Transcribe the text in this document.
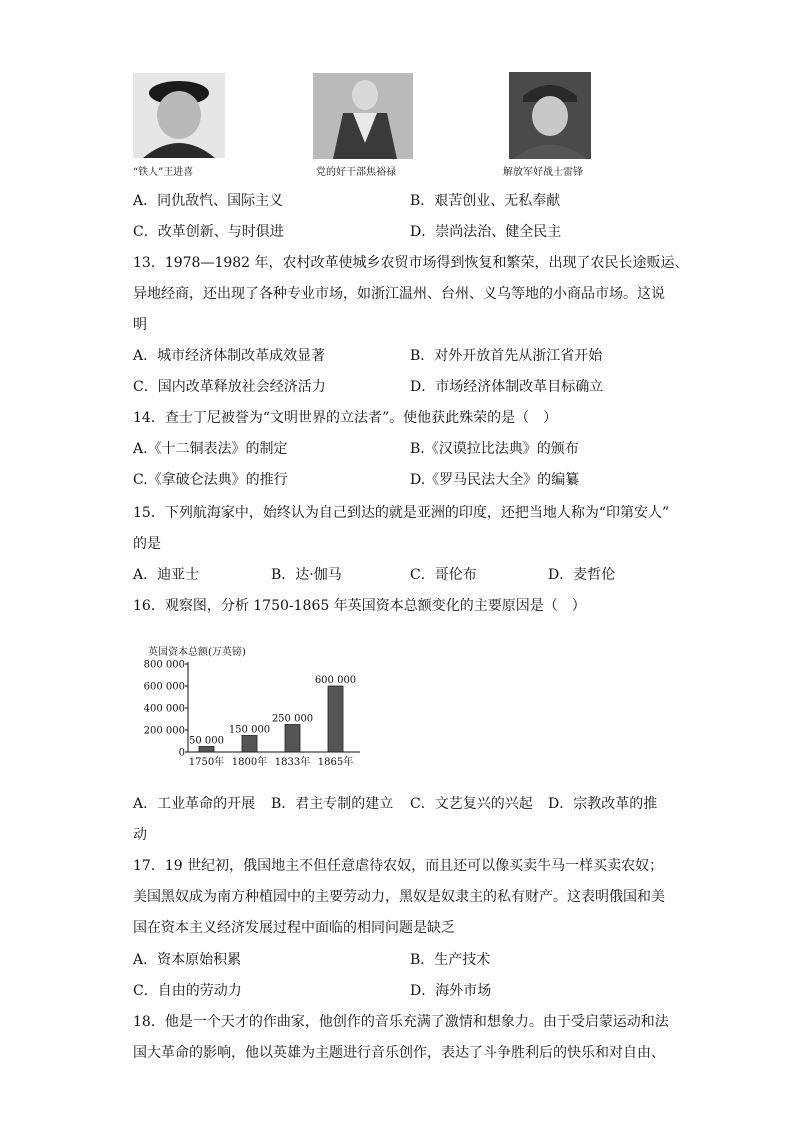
“铁人”王进喜	党的好干部焦裕禄	解放军好战士雷锋
A．同仇敌忾、国际主义	B．艰苦创业、无私奉献
C．改革创新、与时俱进	D．崇尚法治、健全民主
13．1978—1982 年，农村改革使城乡农贸市场得到恢复和繁荣，出现了农民长途贩运、
异地经商，还出现了各种专业市场，如浙江温州、台州、义乌等地的小商品市场。这说
明
A．城市经济体制改革成效显著	B．对外开放首先从浙江省开始
C．国内改革释放社会经济活力	D．市场经济体制改革目标确立
14．查士丁尼被誉为“文明世界的立法者”。使他获此殊荣的是（　）
A.《十二铜表法》的制定	B.《汉谟拉比法典》的颁布
C.《拿破仑法典》的推行	D.《罗马民法大全》的编纂
15．下列航海家中，始终认为自己到达的就是亚洲的印度，还把当地人称为“印第安人”
的是
A．迪亚士	B．达·伽马	C．哥伦布	D．麦哲伦
16．观察图，分析 1750-1865 年英国资本总额变化的主要原因是（　）
英国资本总额(万英镑)
0
200 000
400 000
600 000
800 000
50 000
1750年
150 000
1800年
250 000
1833年
600 000
1865年
A．工业革命的开展 B．君主专制的建立 C．文艺复兴的兴起 D．宗教改革的推
动
17．19 世纪初，俄国地主不但任意虐待农奴，而且还可以像买卖牛马一样买卖农奴；
美国黑奴成为南方种植园中的主要劳动力，黑奴是奴隶主的私有财产。这表明俄国和美
国在资本主义经济发展过程中面临的相同问题是缺乏
A．资本原始积累	B．生产技术
C．自由的劳动力	D．海外市场
18．他是一个天才的作曲家，他创作的音乐充满了激情和想象力。由于受启蒙运动和法
国大革命的影响，他以英雄为主题进行音乐创作，表达了斗争胜利后的快乐和对自由、
